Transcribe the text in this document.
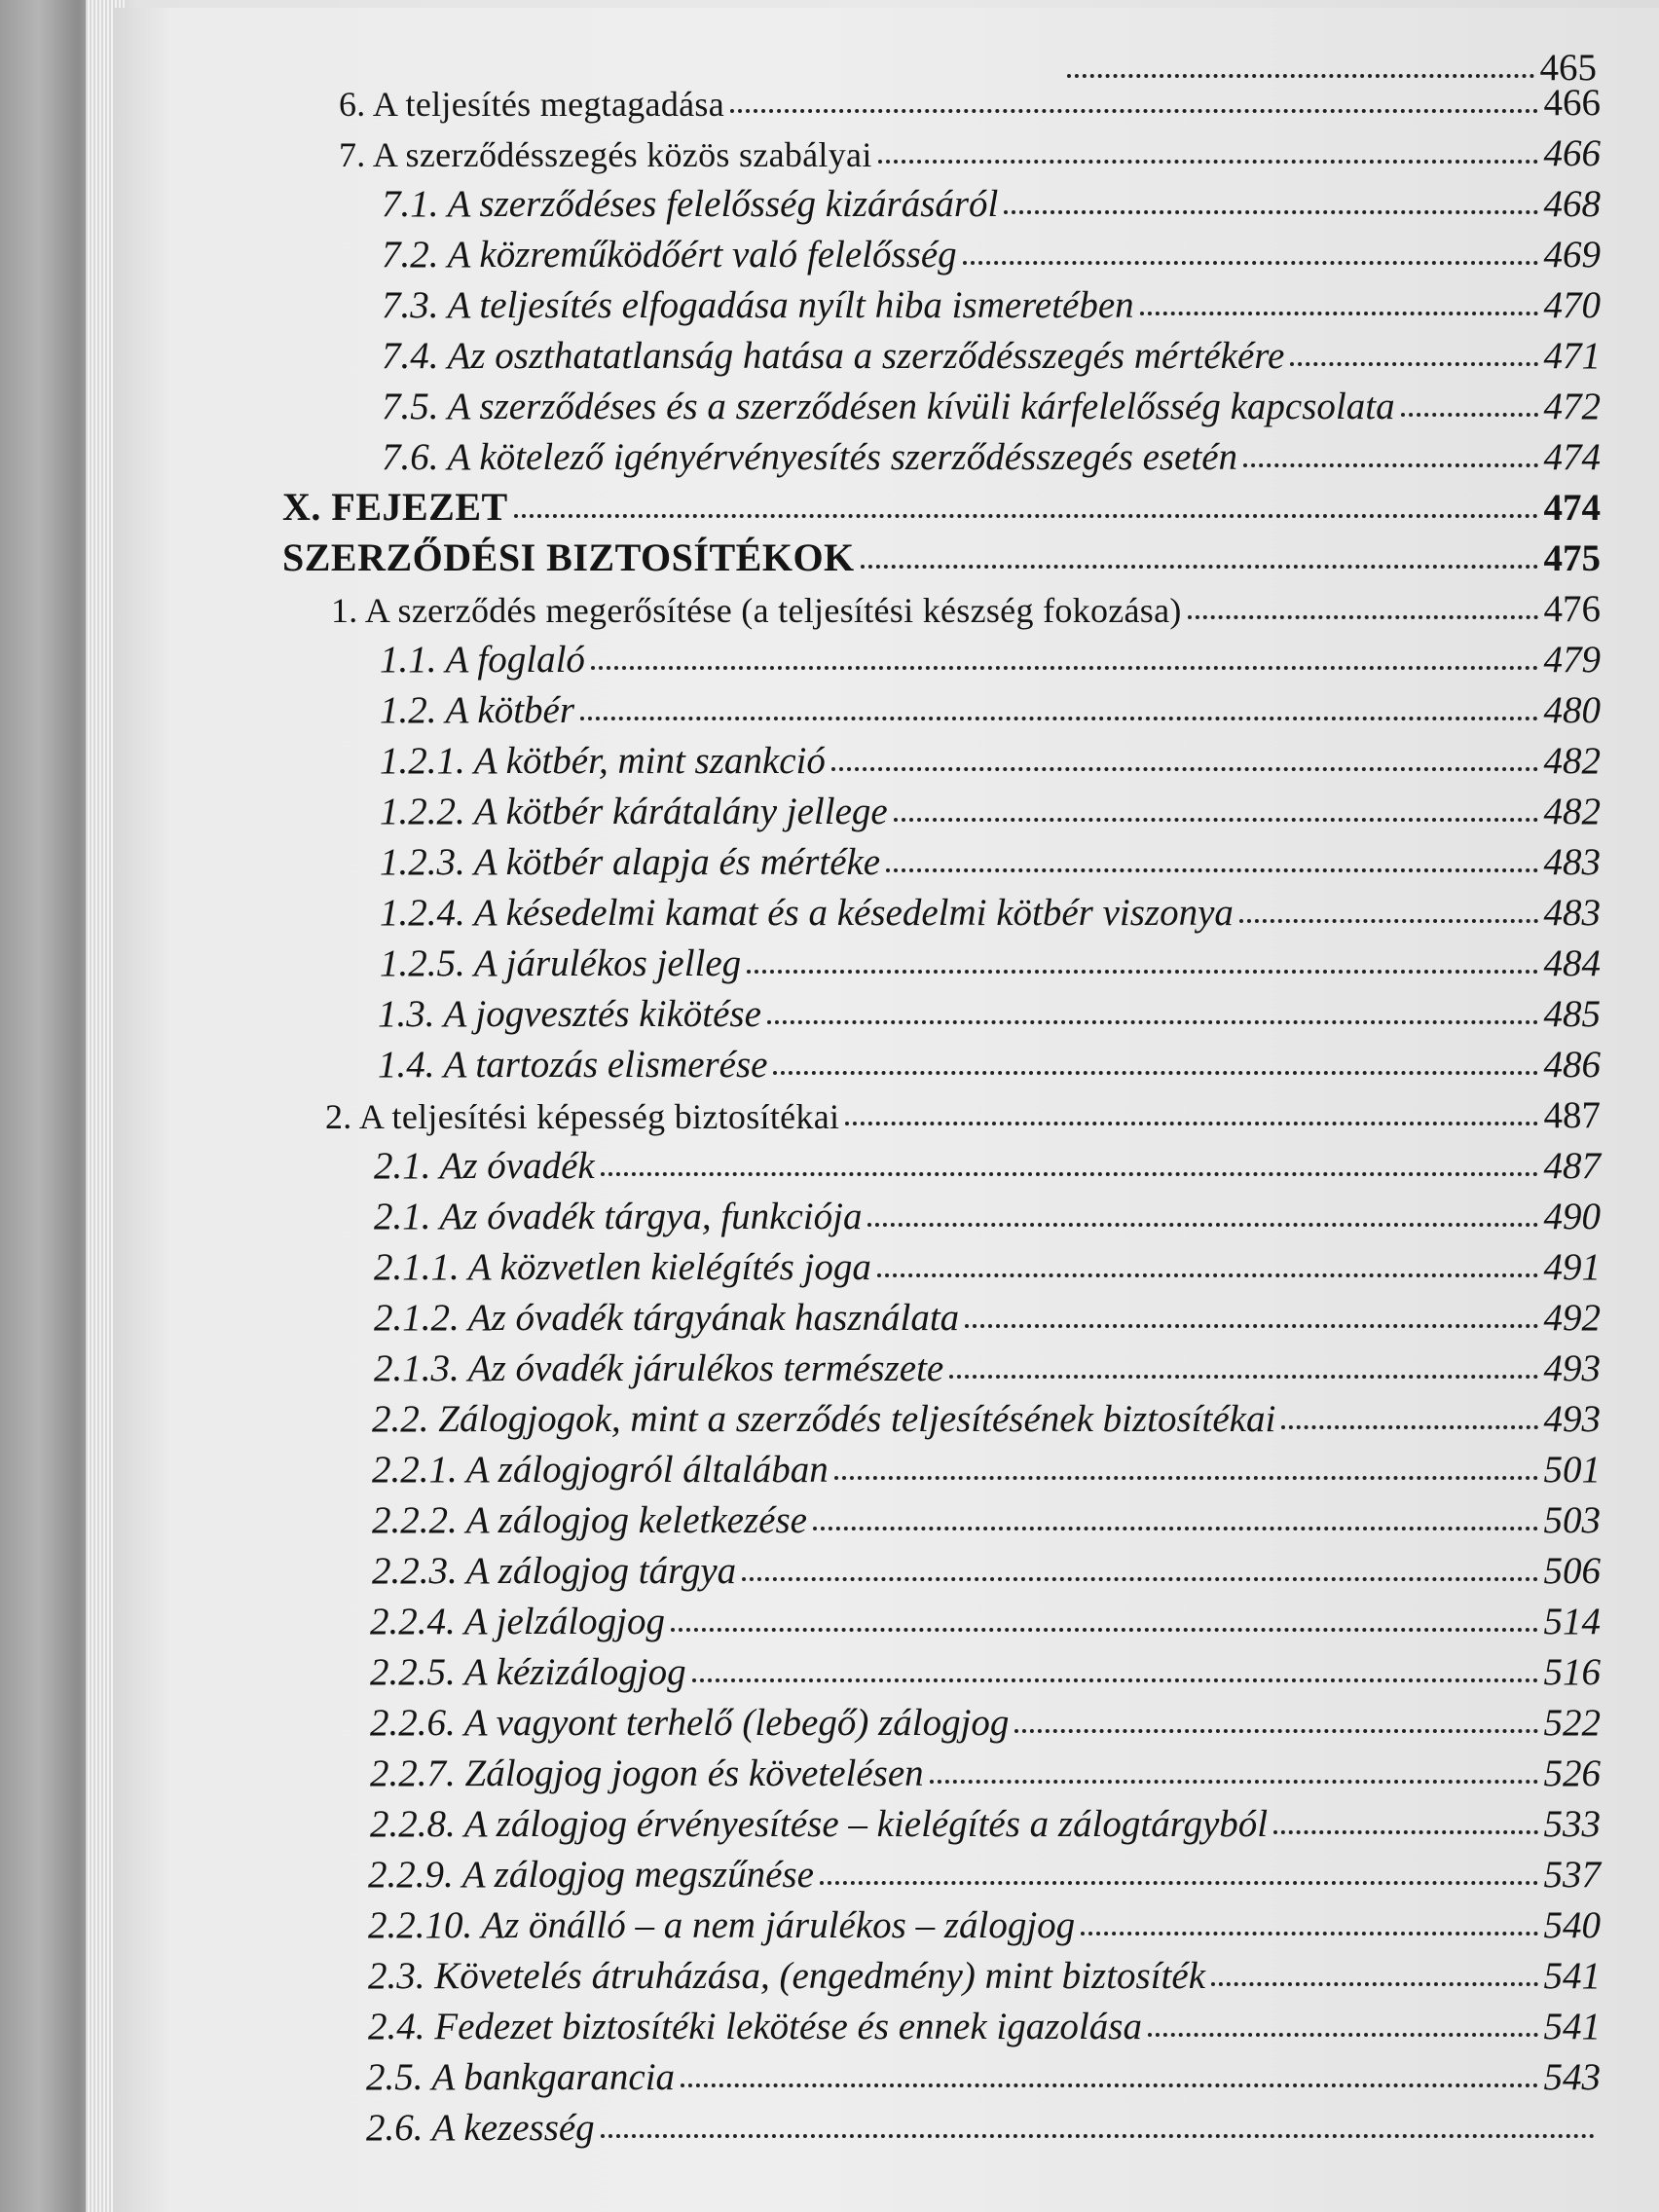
465
6. A teljesítés megtagadása	466
7. A szerződésszegés közös szabályai	466
7.1. A szerződéses felelősség kizárásáról	468
7.2. A közreműködőért való felelősség	469
7.3. A teljesítés elfogadása nyílt hiba ismeretében	470
7.4. Az oszthatatlanság hatása a szerződésszegés mértékére	471
7.5. A szerződéses és a szerződésen kívüli kárfelelősség kapcsolata	472
7.6. A kötelező igényérvényesítés szerződésszegés esetén	474
X. FEJEZET	474
SZERZŐDÉSI BIZTOSÍTÉKOK	475
1. A szerződés megerősítése (a teljesítési készség fokozása)	476
1.1. A foglaló	479
1.2. A kötbér	480
1.2.1. A kötbér, mint szankció	482
1.2.2. A kötbér kárátalány jellege	482
1.2.3. A kötbér alapja és mértéke	483
1.2.4. A késedelmi kamat és a késedelmi kötbér viszonya	483
1.2.5. A járulékos jelleg	484
1.3. A jogvesztés kikötése	485
1.4. A tartozás elismerése	486
2. A teljesítési képesség biztosítékai	487
2.1. Az óvadék	487
2.1. Az óvadék tárgya, funkciója	490
2.1.1. A közvetlen kielégítés joga	491
2.1.2. Az óvadék tárgyának használata	492
2.1.3. Az óvadék járulékos természete	493
2.2. Zálogjogok, mint a szerződés teljesítésének biztosítékai	493
2.2.1. A zálogjogról általában	501
2.2.2. A zálogjog keletkezése	503
2.2.3. A zálogjog tárgya	506
2.2.4. A jelzálogjog	514
2.2.5. A kézizálogjog	516
2.2.6. A vagyont terhelő (lebegő) zálogjog	522
2.2.7. Zálogjog jogon és követelésen	526
2.2.8. A zálogjog érvényesítése – kielégítés a zálogtárgyból	533
2.2.9. A zálogjog megszűnése	537
2.2.10. Az önálló – a nem járulékos – zálogjog	540
2.3. Követelés átruházása, (engedmény) mint biztosíték	541
2.4. Fedezet biztosítéki lekötése és ennek igazolása	541
2.5. A bankgarancia	543
2.6. A kezesség
